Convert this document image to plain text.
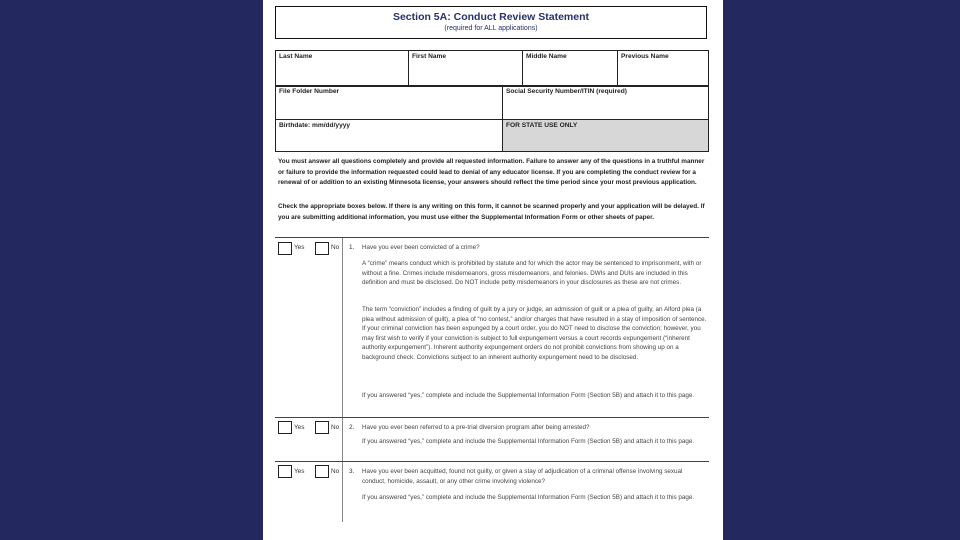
Section 5A: Conduct Review Statement
(required for ALL applications)
Last Name	First Name	Middle Name	Previous Name
File Folder Number	Social Security Number/ITIN (required)
Birthdate: mm/dd/yyyy	FOR STATE USE ONLY
You must answer all questions completely and provide all requested information. Failure to answer any of the questions in a truthful manner or failure to provide the information requested could lead to denial of any educator license. If you are completing the conduct review for a renewal of or addition to an existing Minnesota license, your answers should reflect the time period since your most previous application.
Check the appropriate boxes below. If there is any writing on this form, it cannot be scanned properly and your application will be delayed. If you are submitting additional information, you must use either the Supplemental Information Form or other sheets of paper.
Yes	No 1. Have you ever been convicted of a crime?
A “crime” means conduct which is prohibited by statute and for which the actor may be sentenced to imprisonment, with or without a fine. Crimes include misdemeanors, gross misdemeanors, and felonies. DWIs and DUIs are included in this definition and must be disclosed. Do NOT include petty misdemeanors in your disclosures as these are not crimes.
The term “conviction” includes a finding of guilt by a jury or judge, an admission of guilt or a plea of guilty, an Alford plea (a plea without admission of guilt), a plea of “no contest,” and/or charges that have resulted in a stay of imposition of sentence. If your criminal conviction has been expunged by a court order, you do NOT need to disclose the conviction; however, you may first wish to verify if your conviction is subject to full expungement versus a court records expungement (“inherent authority expungement”). Inherent authority expungement orders do not prohibit convictions from showing up on a background check. Convictions subject to an inherent authority expungement need to be disclosed.
If you answered “yes,” complete and include the Supplemental Information Form (Section 5B) and attach it to this page.
Yes	No 2. Have you ever been referred to a pre-trial diversion program after being arrested?
If you answered “yes,” complete and include the Supplemental Information Form (Section 5B) and attach it to this page.
Yes	No 3. Have you ever been acquitted, found not guilty, or given a stay of adjudication of a criminal offense involving sexual conduct, homicide, assault, or any other crime involving violence?
If you answered “yes,” complete and include the Supplemental Information Form (Section 5B) and attach it to this page.
